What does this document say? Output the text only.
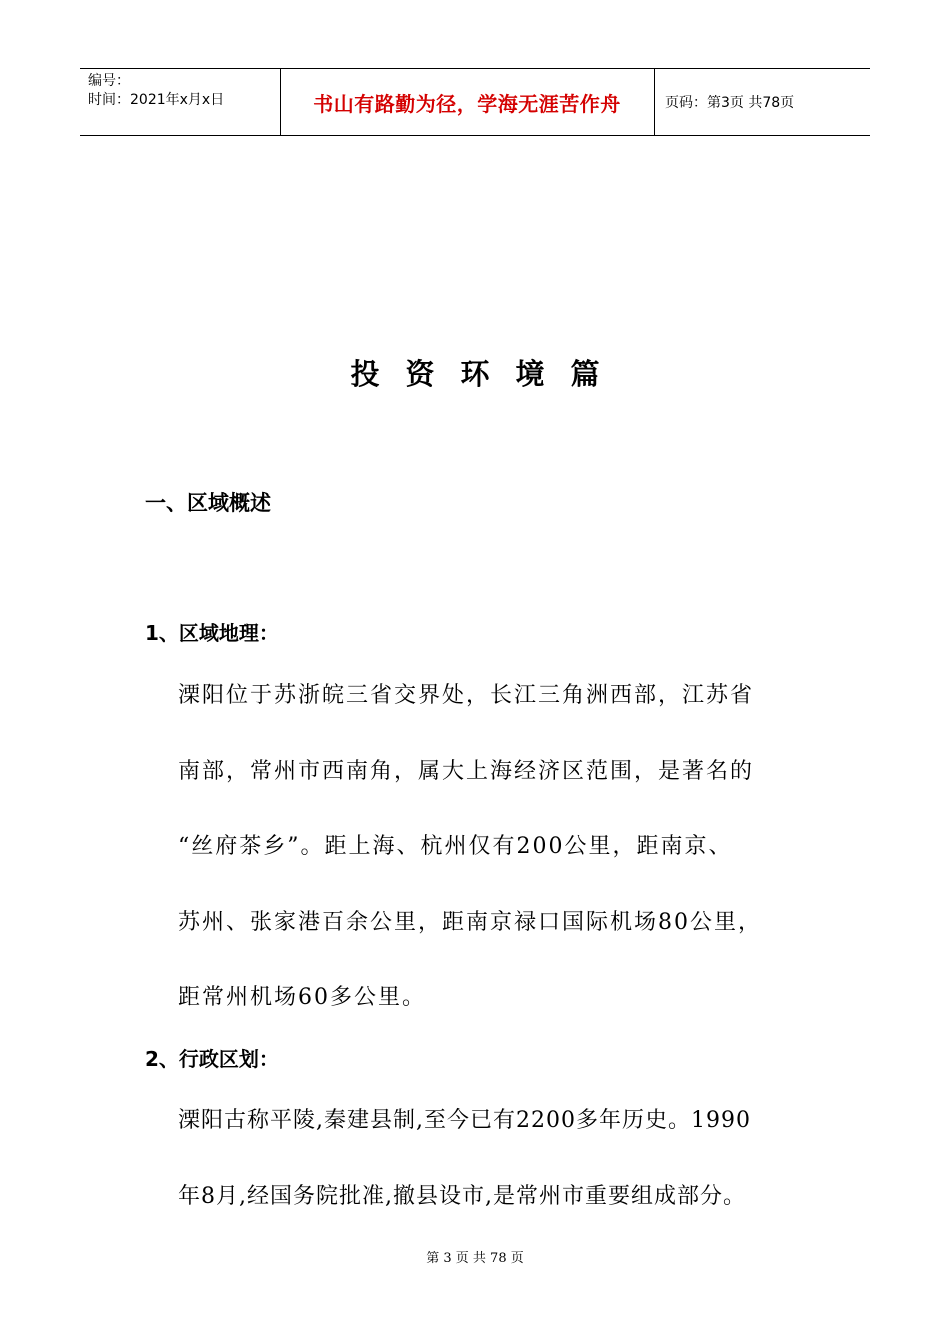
编号：
时间：2021年x月x日	书山有路勤为径，学海无涯苦作舟	页码：第3页 共78页
投资环境篇
一、区域概述
1、区域地理：
溧阳位于苏浙皖三省交界处，长江三角洲西部，江苏省
南部，常州市西南角，属大上海经济区范围，是著名的
“丝府茶乡”。距上海、杭州仅有200公里，距南京、
苏州、张家港百余公里，距南京禄口国际机场80公里，
距常州机场60多公里。
2、行政区划：
溧阳古称平陵,秦建县制,至今已有2200多年历史。1990
年8月,经国务院批准,撤县设市,是常州市重要组成部分。
第 3 页 共 78 页
